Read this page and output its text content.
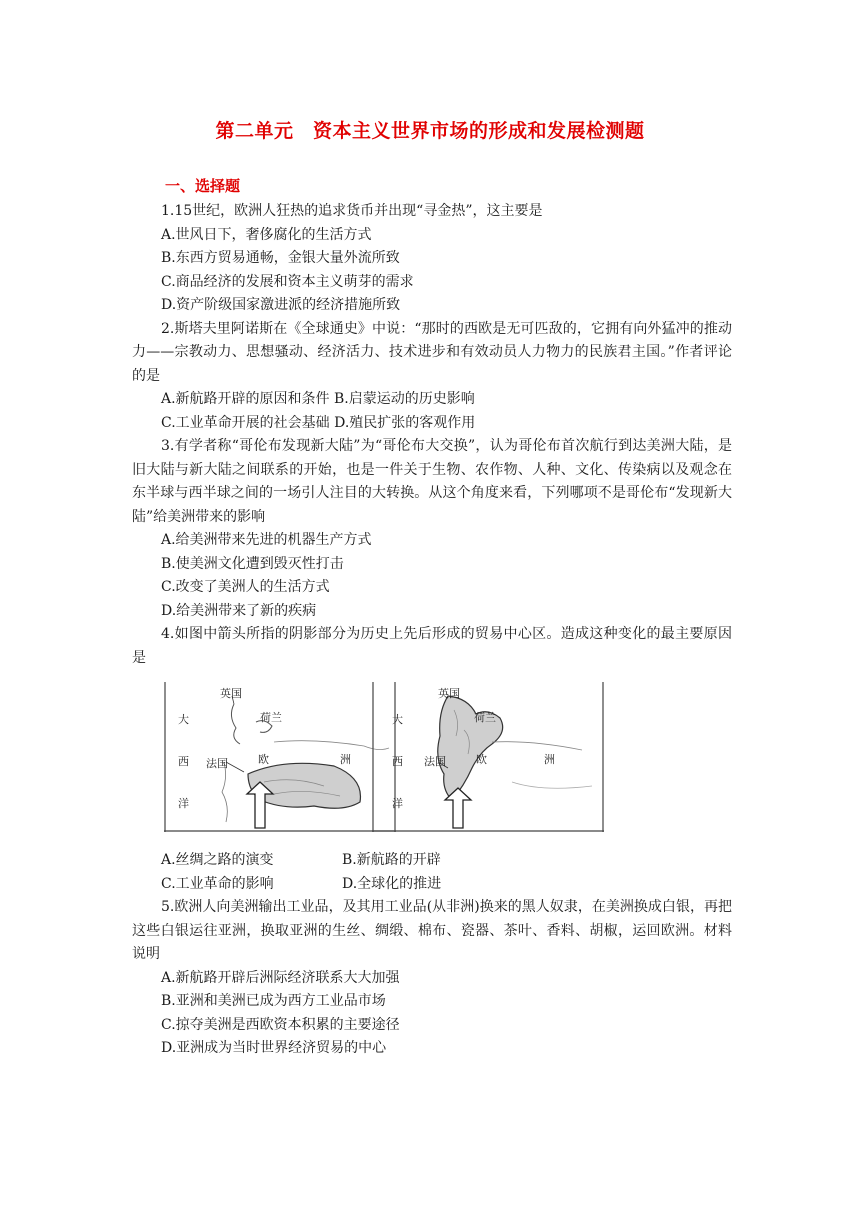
第二单元　资本主义世界市场的形成和发展检测题
一、选择题

1.15世纪，欧洲人狂热的追求货币并出现“寻金热”，这主要是

A.世风日下，奢侈腐化的生活方式

B.东西方贸易通畅，金银大量外流所致

C.商品经济的发展和资本主义萌芽的需求

D.资产阶级国家激进派的经济措施所致

2.斯塔夫里阿诺斯在《全球通史》中说：“那时的西欧是无可匹敌的，它拥有向外猛冲的推动力——宗教动力、思想骚动、经济活力、技术进步和有效动员人力物力的民族君主国。”作者评论的是

A.新航路开辟的原因和条件 B.启蒙运动的历史影响

C.工业革命开展的社会基础 D.殖民扩张的客观作用

3.有学者称“哥伦布发现新大陆”为“哥伦布大交换”，认为哥伦布首次航行到达美洲大陆，是旧大陆与新大陆之间联系的开始，也是一件关于生物、农作物、人种、文化、传染病以及观念在东半球与西半球之间的一场引人注目的大转换。从这个角度来看，下列哪项不是哥伦布“发现新大陆”给美洲带来的影响

A.给美洲带来先进的机器生产方式

B.使美洲文化遭到毁灭性打击

C.改变了美洲人的生活方式

D.给美洲带来了新的疾病

4.如图中箭头所指的阴影部分为历史上先后形成的贸易中心区。造成这种变化的最主要原因是

英国
荷兰
法国	欧	洲
大
西
洋
英国
荷兰
法国	欧	洲
大
西
洋

A.丝绸之路的演变	B.新航路的开辟

C.工业革命的影响	D.全球化的推进

5.欧洲人向美洲输出工业品，及其用工业品(从非洲)换来的黑人奴隶，在美洲换成白银，再把这些白银运往亚洲，换取亚洲的生丝、绸缎、棉布、瓷器、茶叶、香料、胡椒，运回欧洲。材料说明

A.新航路开辟后洲际经济联系大大加强

B.亚洲和美洲已成为西方工业品市场

C.掠夺美洲是西欧资本积累的主要途径

D.亚洲成为当时世界经济贸易的中心
